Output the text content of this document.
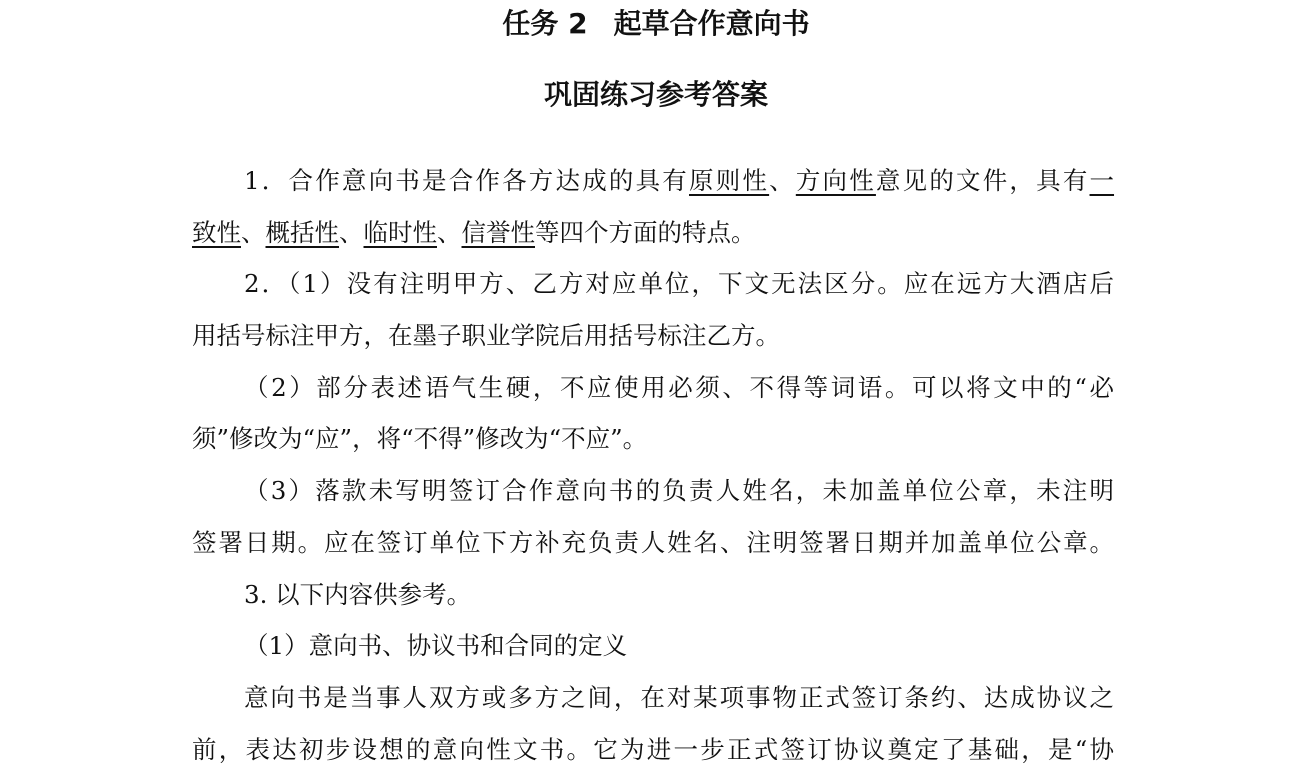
任务 2 起草合作意向书
巩固练习参考答案
1．合作意向书是合作各方达成的具有原则性、方向性意见的文件，具有一
致性、概括性、临时性、信誉性等四个方面的特点。
2．（1）没有注明甲方、乙方对应单位，下文无法区分。应在远方大酒店后
用括号标注甲方，在墨子职业学院后用括号标注乙方。
（2）部分表述语气生硬，不应使用必须、不得等词语。可以将文中的“必
须”修改为“应”，将“不得”修改为“不应”。
（3）落款未写明签订合作意向书的负责人姓名，未加盖单位公章，未注明
签署日期。应在签订单位下方补充负责人姓名、注明签署日期并加盖单位公章。
3. 以下内容供参考。
（1）意向书、协议书和合同的定义
意向书是当事人双方或多方之间，在对某项事物正式签订条约、达成协议之
前，表达初步设想的意向性文书。它为进一步正式签订协议奠定了基础，是“协
